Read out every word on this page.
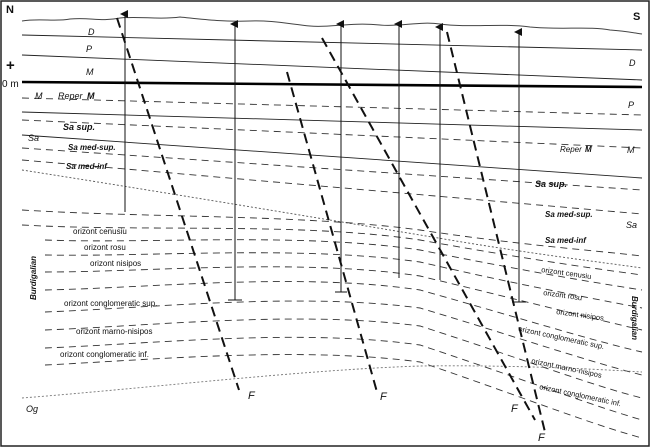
N
S
0 m
+
D
P
M
M Reper M
Sa
Sa sup.
Sa med-sup.
Sa med-inf
Burdigalian
Og
orizont cenusiu
orizont rosu
orizont nisipos
orizont conglomeratic sup.
orizont marno-nisipos
orizont conglomeratic inf.
D
P
Reper M	M
Sa sup.
Sa med-sup.
Sa
Sa med-inf
Burdigalian
orizont cenusiu
orizont rosu
orizont nisipos
orizont conglomeratic sup.
orizont marno-nisipos
orizont conglomeratic inf.
F	F
F
F
